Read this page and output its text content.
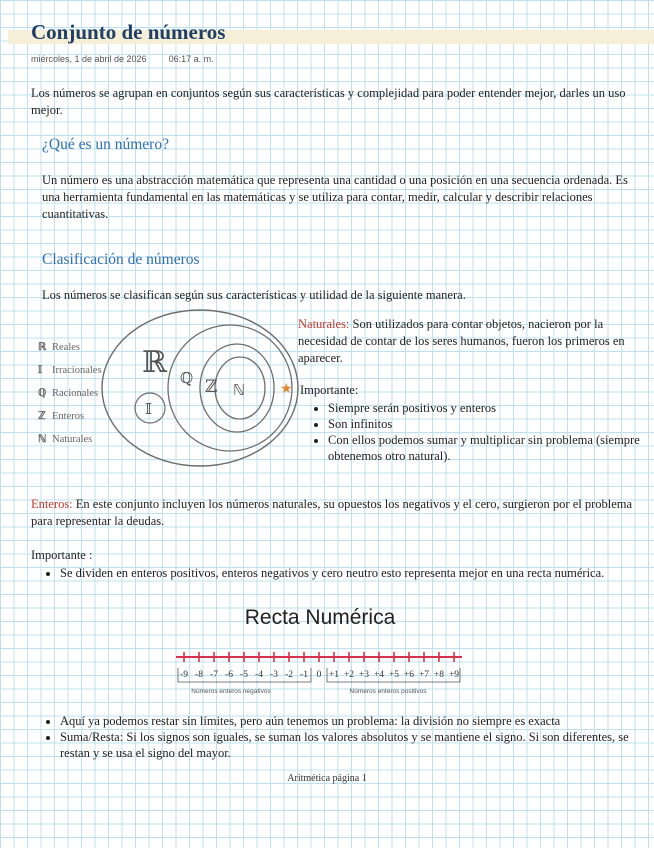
Conjunto de números
miércoles, 1 de abril de 2026 06:17 a. m.

Los números se agrupan en conjuntos según sus características y complejidad para poder entender mejor, darles un uso mejor.

¿Qué es un número?

Un número es una abstracción matemática que representa una cantidad o una posición en una secuencia ordenada. Es una herramienta fundamental en las matemáticas y se utiliza para contar, medir, calcular y describir relaciones cuantitativas.

Clasificación de números

Los números se clasifican según sus características y utilidad de la siguiente manera.

ℝ Reales
𝕀 Irracionales
ℚ Racionales
ℤ Enteros
ℕ Naturales
ℝ
𝕀
ℚ ℤ ℕ

Naturales: Son utilizados para contar objetos, nacieron por la necesidad de contar de los seres humanos, fueron los primeros en aparecer.

★ Importante:

• Siempre serán positivos y enteros
• Son infinitos
• Con ellos podemos sumar y multiplicar sin problema (siempre obtenemos otro natural).

Enteros: En este conjunto incluyen los números naturales, su opuestos los negativos y el cero, surgieron por el problema para representar la deudas.

Importante :

• Se dividen en enteros positivos, enteros negativos y cero neutro esto representa mejor en una recta numérica.
Recta Numérica
Números enteros negativos	Números enteros positivos
-9 -8 -7 -6 -5 -4 -3 -2 -1 0 +1 +2 +3 +4 +5 +6 +7 +8 +9
• Aquí ya podemos restar sin límites, pero aún tenemos un problema: la división no siempre es exacta
• Suma/Resta: Si los signos son iguales, se suman los valores absolutos y se mantiene el signo. Si son diferentes, se restan y se usa el signo del mayor.
Aritmética página 1
